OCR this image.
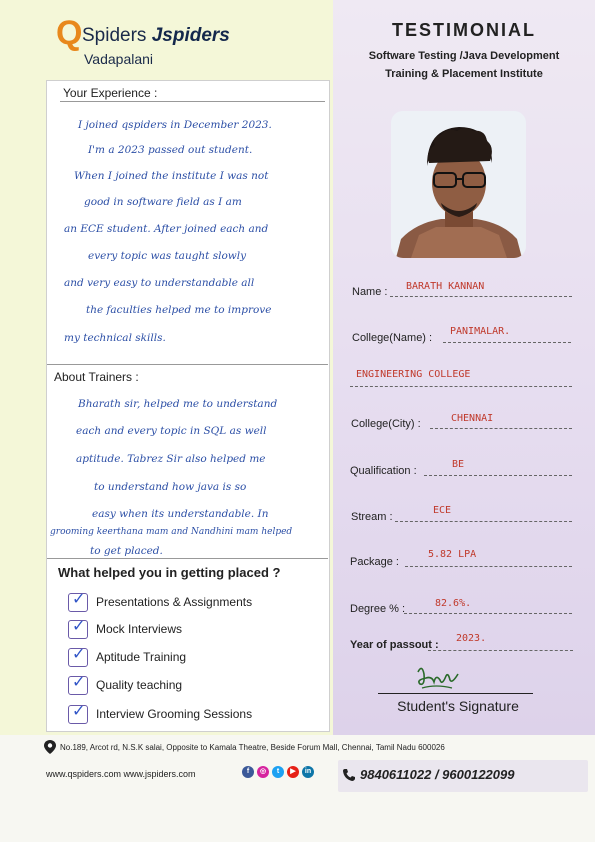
Q Spiders Jspiders
Vadapalani
Your Experience :
I joined qspiders in December 2023.
I'm a 2023 passed out student.
When I joined the institute I was not
good in software field as I am
an ECE student. After joined each and
every topic was taught slowly
and very easy to understandable all
the faculties helped me to improve
my technical skills.
About Trainers :
Bharath sir, helped me to understand
each and every topic in SQL as well
aptitude. Tabrez Sir also helped me
to understand how java is so
easy when its understandable. In
grooming keerthana mam and Nandhini mam helped
to get placed.
What helped you in getting placed ?
✓ Presentations & Assignments
✓ Mock Interviews
✓ Aptitude Training
✓ Quality teaching
✓ Interview Grooming Sessions
TESTIMONIAL
Software Testing /Java Development
Training & Placement Institute
Name : BARATH KANNAN
College(Name) :
PANIMALAR.
ENGINEERING COLLEGE
College(City) :	CHENNAI
Qualification :
BE
Stream :
ECE
Package :
5.82 LPA
Degree % :	82.6%.
Year of passout :
2023.
Student's Signature
No.189, Arcot rd, N.S.K salai, Opposite to Kamala Theatre, Beside Forum Mall, Chennai, Tamil Nadu 600026
www.qspiders.com www.jspiders.com	f	◎	t	▶	in	9840611022 / 9600122099
